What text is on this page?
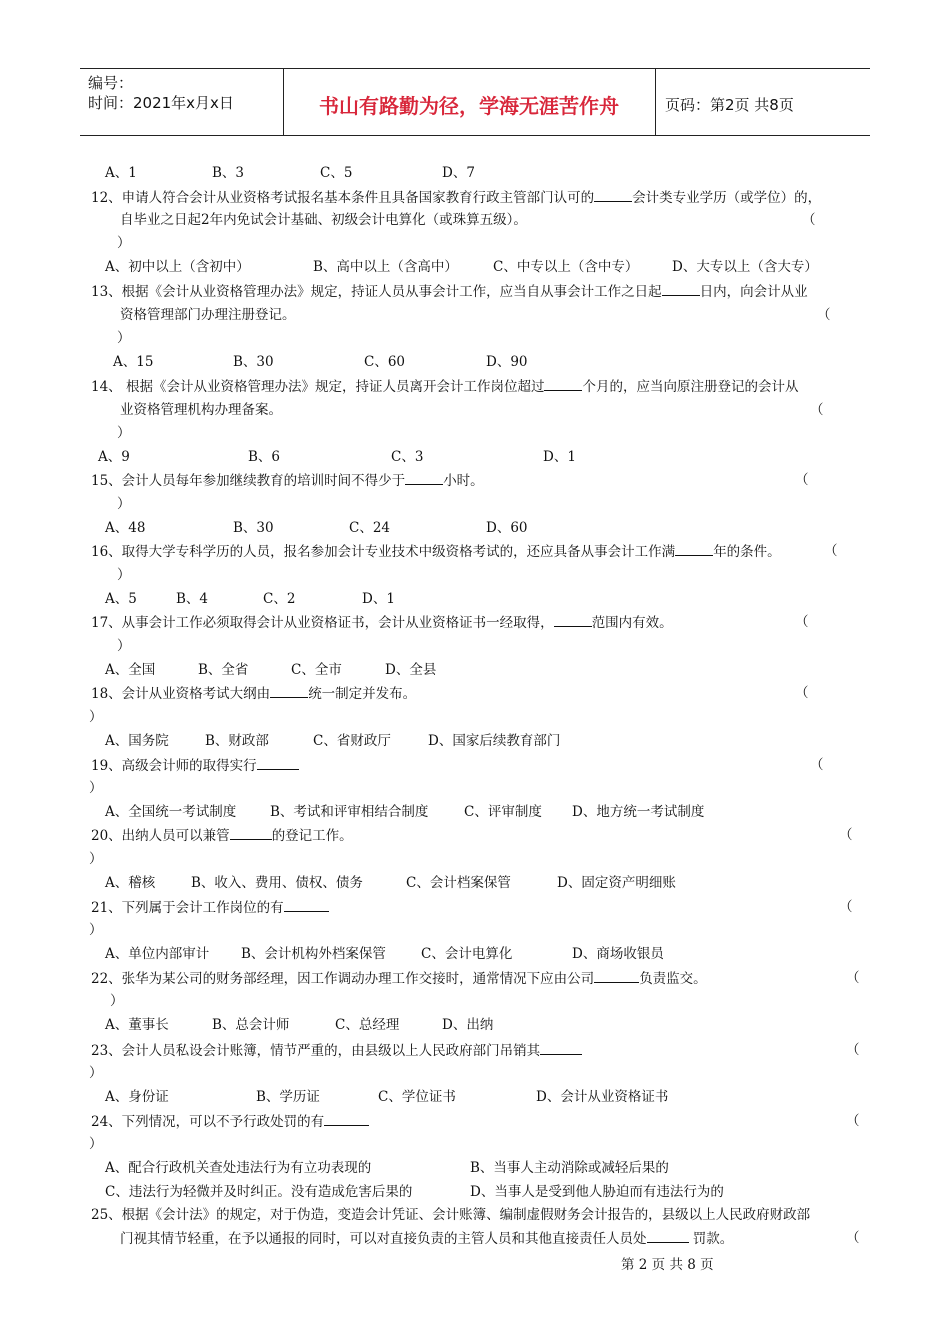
编号：
时间：2021年x月x日	书山有路勤为径，学海无涯苦作舟	页码：第2页 共8页
A、1	B、3	C、5	D、7
12、申请人符合会计从业资格考试报名基本条件且具备国家教育行政主管部门认可的	会计类专业学历（或学位）的，
自毕业之日起2年内免试会计基础、初级会计电算化（或珠算五级）。	（
）
A、初中以上（含初中）	B、高中以上（含高中）	C、中专以上（含中专） D、大专以上（含大专）
13、根据《会计从业资格管理办法》规定，持证人员从事会计工作，应当自从事会计工作之日起	日内，向会计从业
资格管理部门办理注册登记。	（
）
A、15	B、30	C、60	D、90
14、 根据《会计从业资格管理办法》规定，持证人员离开会计工作岗位超过	个月的，应当向原注册登记的会计从
业资格管理机构办理备案。	（
）
A、9	B、6	C、3	D、1
15、会计人员每年参加继续教育的培训时间不得少于	小时。	（
）
A、48	B、30	C、24	D、60
16、取得大学专科学历的人员，报名参加会计专业技术中级资格考试的，还应具备从事会计工作满	年的条件。	（
）
A、5	B、4	C、2	D、1
17、从事会计工作必须取得会计从业资格证书，会计从业资格证书一经取得，	范围内有效。	（
）
A、全国	B、全省	C、全市	D、全县
18、会计从业资格考试大纲由	统一制定并发布。	（
）
A、国务院	B、财政部	C、省财政厅	D、国家后续教育部门
19、高级会计师的取得实行	（
）
A、全国统一考试制度	B、考试和评审相结合制度	C、评审制度 D、地方统一考试制度
20、出纳人员可以兼管	的登记工作。	（
）
A、稽核	B、收入、费用、债权、债务	C、会计档案保管	D、固定资产明细账
21、下列属于会计工作岗位的有	（
）
A、单位内部审计 B、会计机构外档案保管	C、会计电算化	D、商场收银员
22、张华为某公司的财务部经理，因工作调动办理工作交接时，通常情况下应由公司	负责监交。	（
）
A、董事长	B、总会计师	C、总经理	D、出纳
23、会计人员私设会计账簿，情节严重的，由县级以上人民政府部门吊销其	（
）
A、身份证	B、学历证	C、学位证书	D、会计从业资格证书
24、下列情况，可以不予行政处罚的有	（
）
A、配合行政机关查处违法行为有立功表现的	B、当事人主动消除或减轻后果的
C、违法行为轻微并及时纠正。没有造成危害后果的	D、当事人是受到他人胁迫而有违法行为的
25、根据《会计法》的规定，对于伪造，变造会计凭证、会计账簿、编制虚假财务会计报告的，县级以上人民政府财政部
门视其情节轻重，在予以通报的同时，可以对直接负责的主管人员和其他直接责任人员处	罚款。	（
第 2 页 共 8 页
